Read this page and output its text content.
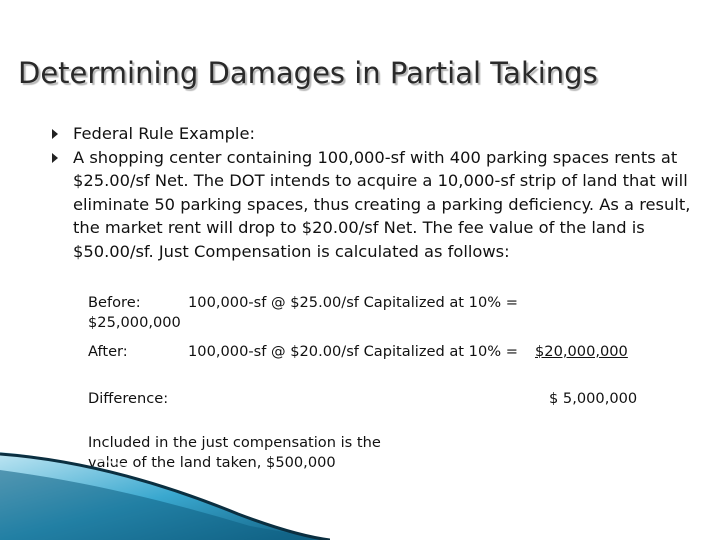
Determining Damages in Partial Takings
Federal Rule Example:
A shopping center containing 100,000-sf with 400 parking spaces rents at $25.00/sf Net. The DOT intends to acquire a 10,000-sf strip of land that will eliminate 50 parking spaces, thus creating a parking deficiency. As a result, the market rent will drop to $20.00/sf Net. The fee value of the land is $50.00/sf. Just Compensation is calculated as follows:
Before:	100,000-sf @ $25.00/sf Capitalized at 10% =
$25,000,000
After:	100,000-sf @ $20.00/sf Capitalized at 10% = $20,000,000
Difference:	$ 5,000,000
Included in the just compensation is the
value of the land taken, $500,000
